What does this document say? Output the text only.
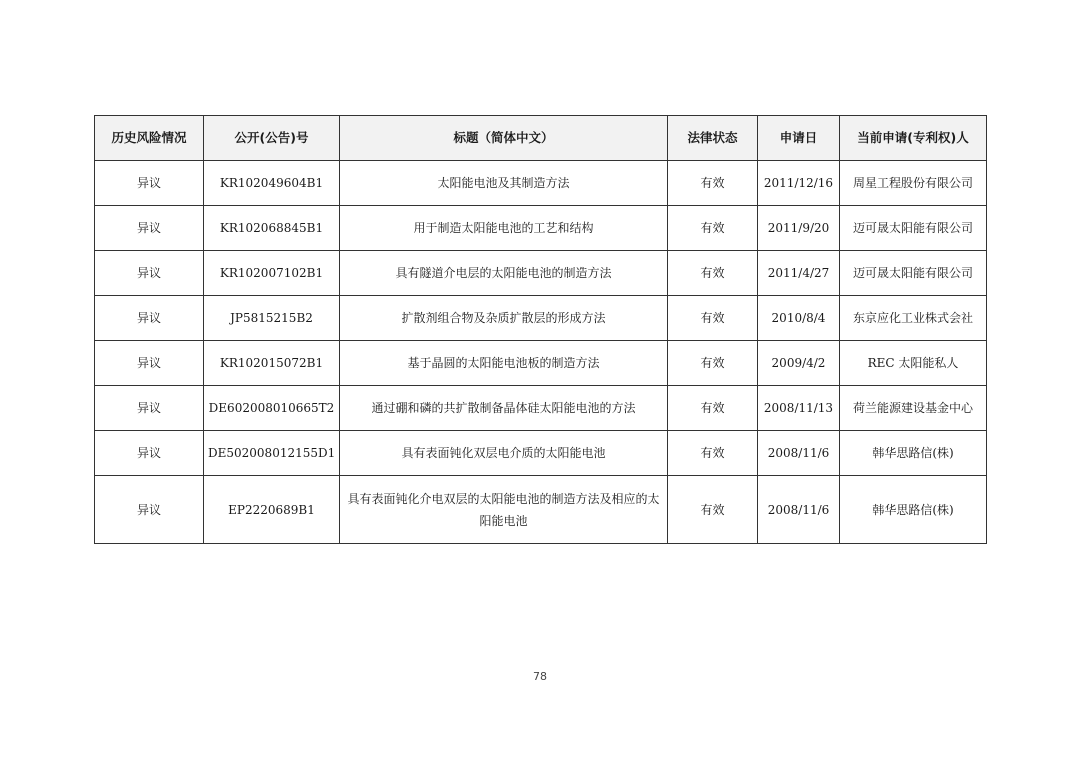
历史风险情况	公开(公告)号	标题（简体中文）	法律状态	申请日	当前申请(专利权)人
异议	KR102049604B1	太阳能电池及其制造方法	有效	2011/12/16	周星工程股份有限公司
异议	KR102068845B1	用于制造太阳能电池的工艺和结构	有效	2011/9/20	迈可晟太阳能有限公司
异议	KR102007102B1	具有隧道介电层的太阳能电池的制造方法	有效	2011/4/27	迈可晟太阳能有限公司
异议	JP5815215B2	扩散剂组合物及杂质扩散层的形成方法	有效	2010/8/4	东京应化工业株式会社
异议	KR102015072B1	基于晶圆的太阳能电池板的制造方法	有效	2009/4/2	REC 太阳能私人
异议	DE602008010665T2	通过硼和磷的共扩散制备晶体硅太阳能电池的方法	有效	2008/11/13	荷兰能源建设基金中心
异议	DE502008012155D1	具有表面钝化双层电介质的太阳能电池	有效	2008/11/6	韩华思路信(株)
异议	EP2220689B1	具有表面钝化介电双层的太阳能电池的制造方法及相应的太阳能电池	有效	2008/11/6	韩华思路信(株)
78
